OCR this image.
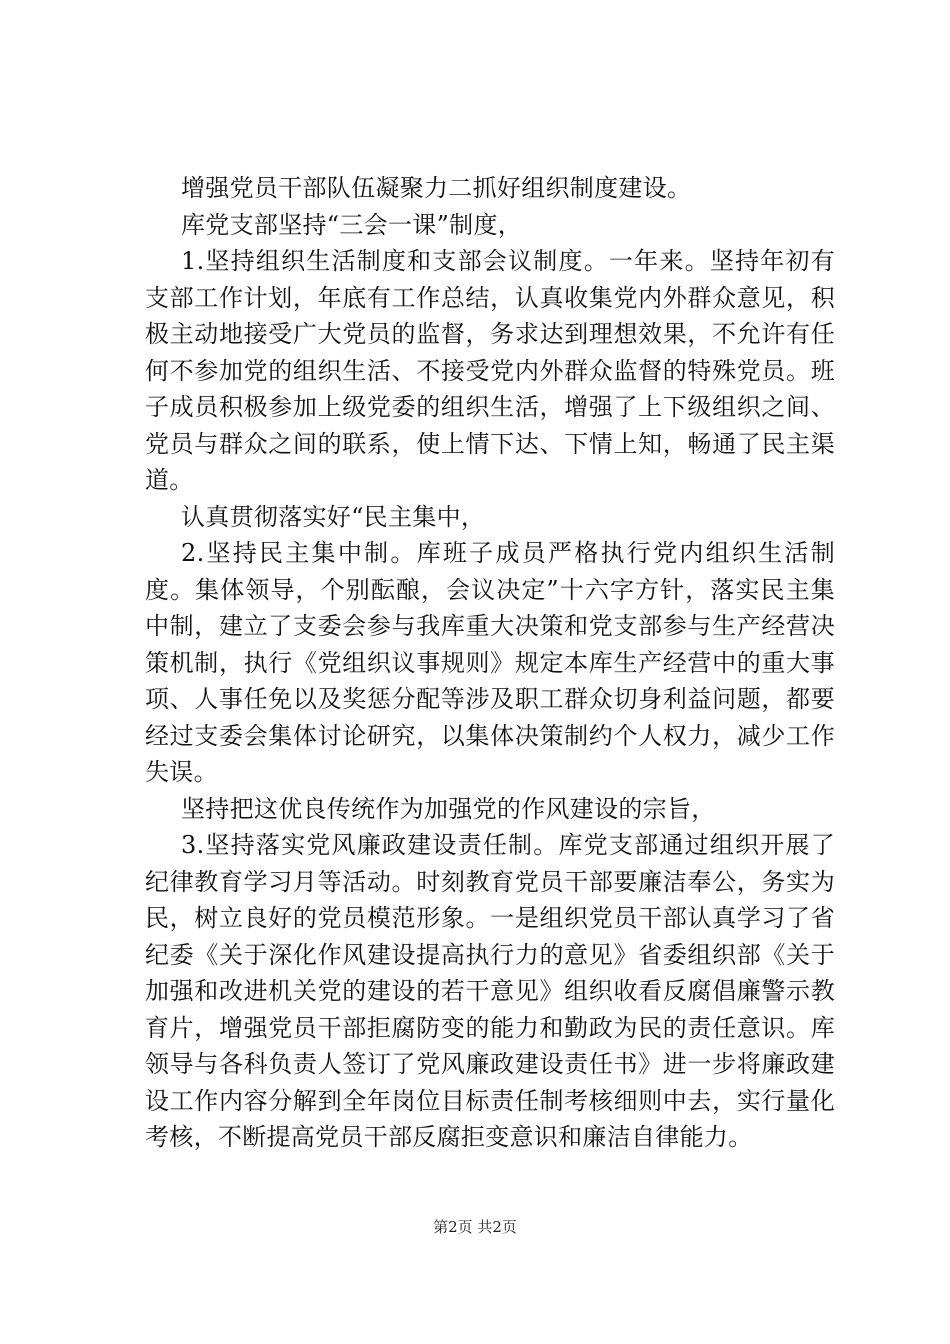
增强党员干部队伍凝聚力二抓好组织制度建设。

库党支部坚持“三会一课”制度，

1.坚持组织生活制度和支部会议制度。一年来。坚持年初有支部工作计划，年底有工作总结，认真收集党内外群众意见，积极主动地接受广大党员的监督，务求达到理想效果，不允许有任何不参加党的组织生活、不接受党内外群众监督的特殊党员。班子成员积极参加上级党委的组织生活，增强了上下级组织之间、党员与群众之间的联系，使上情下达、下情上知，畅通了民主渠道。

认真贯彻落实好“民主集中，

2.坚持民主集中制。库班子成员严格执行党内组织生活制度。集体领导，个别酝酿，会议决定”十六字方针，落实民主集中制，建立了支委会参与我库重大决策和党支部参与生产经营决策机制，执行《党组织议事规则》规定本库生产经营中的重大事项、人事任免以及奖惩分配等涉及职工群众切身利益问题，都要经过支委会集体讨论研究，以集体决策制约个人权力，减少工作失误。

坚持把这优良传统作为加强党的作风建设的宗旨，

3.坚持落实党风廉政建设责任制。库党支部通过组织开展了纪律教育学习月等活动。时刻教育党员干部要廉洁奉公，务实为民，树立良好的党员模范形象。一是组织党员干部认真学习了省纪委《关于深化作风建设提高执行力的意见》省委组织部《关于加强和改进机关党的建设的若干意见》组织收看反腐倡廉警示教育片，增强党员干部拒腐防变的能力和勤政为民的责任意识。库领导与各科负责人签订了党风廉政建设责任书》进一步将廉政建设工作内容分解到全年岗位目标责任制考核细则中去，实行量化考核，不断提高党员干部反腐拒变意识和廉洁自律能力。

第2页 共2页
